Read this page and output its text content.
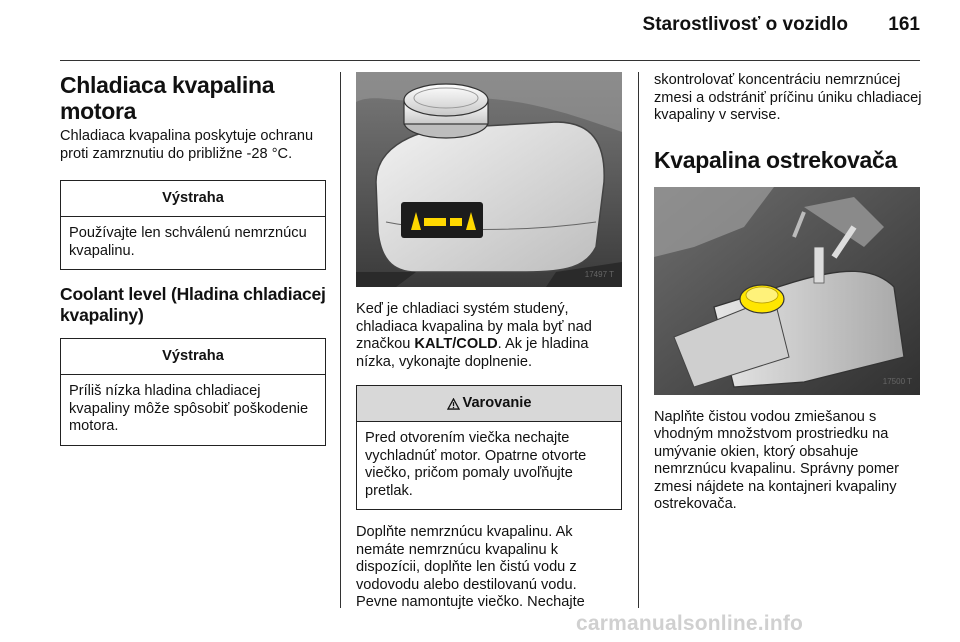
Starostlivosť o vozidlo 161
Chladiaca kvapalina motora

Chladiaca kvapalina poskytuje ochranu proti zamrznutiu do približne -28 °C.

Výstraha
Používajte len schválenú nemrznúcu kvapalinu.
Coolant level (Hladina chladiacej kvapaliny)
Výstraha
Príliš nízka hladina chladiacej kvapaliny môže spôsobiť poškodenie motora.
17497 T

Keď je chladiaci systém studený, chladiaca kvapalina by mala byť nad značkou KALT/COLD. Ak je hladina nízka, vykonajte doplnenie.

Varovanie
Pred otvorením viečka nechajte vychladnúť motor. Opatrne otvorte viečko, pričom pomaly uvoľňujte pretlak.

Doplňte nemrznúcu kvapalinu. Ak nemáte nemrznúcu kvapalinu k dispozícii, doplňte len čistú vodu z vodovodu alebo destilovanú vodu. Pevne namontujte viečko. Nechajte

skontrolovať koncentráciu nemrznúcej zmesi a odstrániť príčinu úniku chladiacej kvapaliny v servise.

Kvapalina ostrekovača
17500 T

Naplňte čistou vodou zmiešanou s vhodným množstvom prostriedku na umývanie okien, ktorý obsahuje nemrznúcu kvapalinu. Správny pomer zmesi nájdete na kontajneri kvapaliny ostrekovača.

carmanualsonline.info
